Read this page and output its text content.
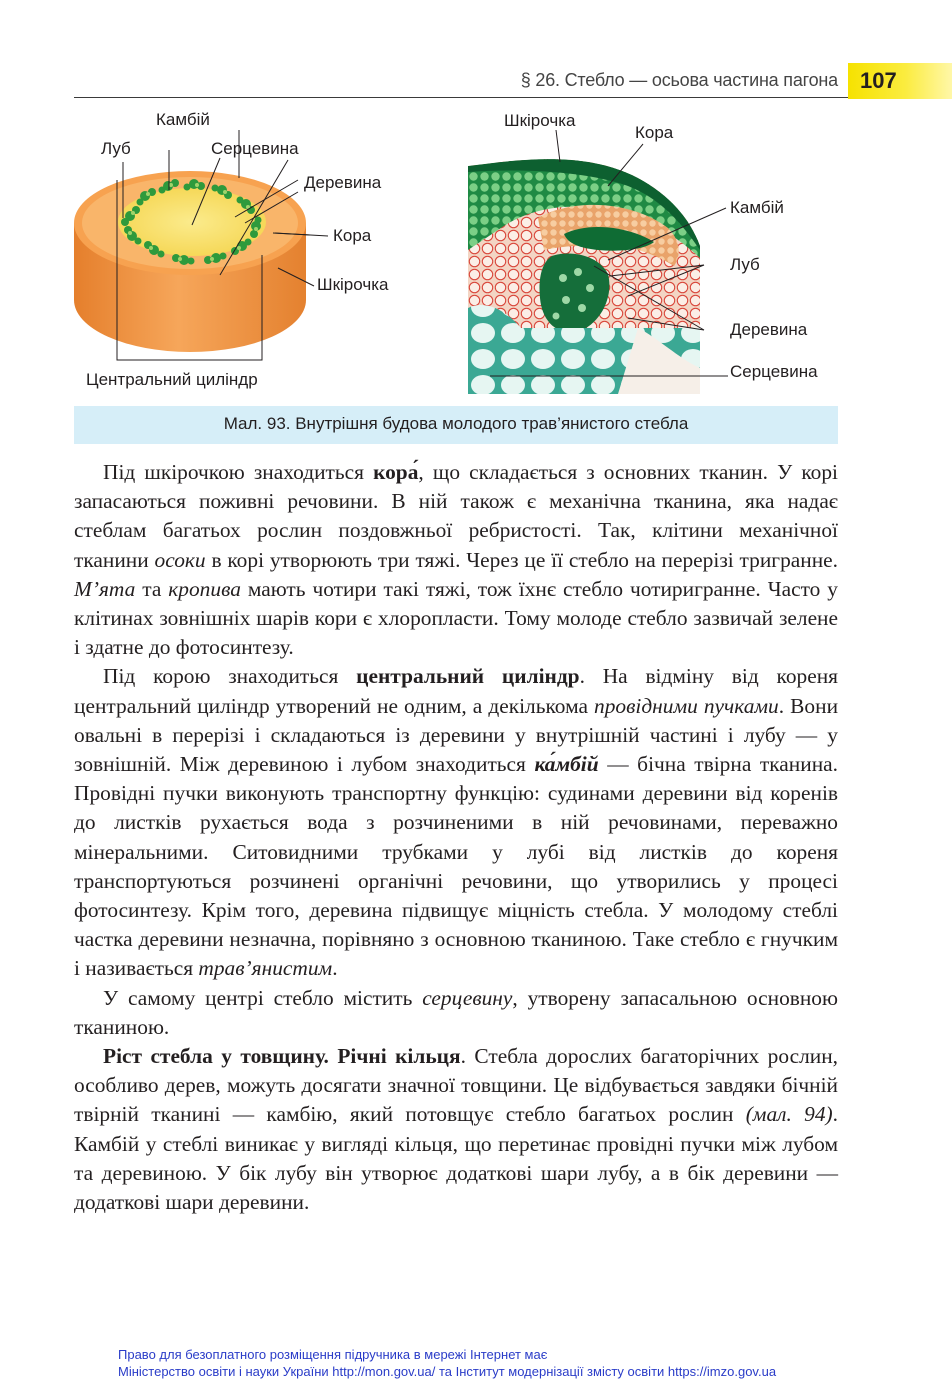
107
§ 26. Стебло — осьова частина пагона
Камбій
Луб	Серцевина
Деревина
Кора
Шкірочка
Центральний циліндр
Шкірочка
Кора
Камбій
Луб
Деревина
Серцевина
Мал. 93. Внутрішня будова молодого трав’янистого стебла

Під шкірочкою знаходиться кора́, що складається з основних тканин. У корі запасаються поживні речовини. В ній також є механічна тканина, яка надає стеблам багатьох рослин поздовжньої ребристості. Так, клітини механічної тканини осоки в корі утворюють три тяжі. Через це її стебло на перерізі тригранне. М’ята та кропива мають чотири такі тяжі, тож їхнє стебло чотиригранне. Часто у клітинах зовнішніх шарів кори є хлоропласти. Тому молоде стебло зазвичай зелене і здатне до фотосинтезу.

Під корою знаходиться центральний циліндр. На відміну від кореня центральний циліндр утворений не одним, а декількома провідними пучками. Вони овальні в перерізі і складаються із деревини у внутрішній частині і лубу — у зовнішній. Між деревиною і лубом знаходиться ка́мбій — бічна твірна тканина. Провідні пучки виконують транспортну функцію: судинами деревини від коренів до листків рухається вода з розчиненими в ній речовинами, переважно мінеральними. Ситовидними трубками у лубі від листків до кореня транспортуються розчинені органічні речовини, що утворились у процесі фотосинтезу. Крім того, деревина підвищує міцність стебла. У молодому стеблі частка деревини незначна, порівняно з основною тканиною. Таке стебло є гнучким і називається трав’янистим.

У самому центрі стебло містить серцевину, утворену запасальною основною тканиною.

Ріст стебла у товщину. Річні кільця. Стебла дорослих багаторічних рослин, особливо дерев, можуть досягати значної товщини. Це відбувається завдяки бічній твірній тканині — камбію, який потовщує стебло багатьох рослин (мал. 94). Камбій у стеблі виникає у вигляді кільця, що перетинає провідні пучки між лубом та деревиною. У бік лубу він утворює додаткові шари лубу, а в бік деревини — додаткові шари деревини.

Право для безоплатного розміщення підручника в мережі Інтернет має
Міністерство освіти і науки України http://mon.gov.ua/ та Інститут модернізації змісту освіти https://imzo.gov.ua
